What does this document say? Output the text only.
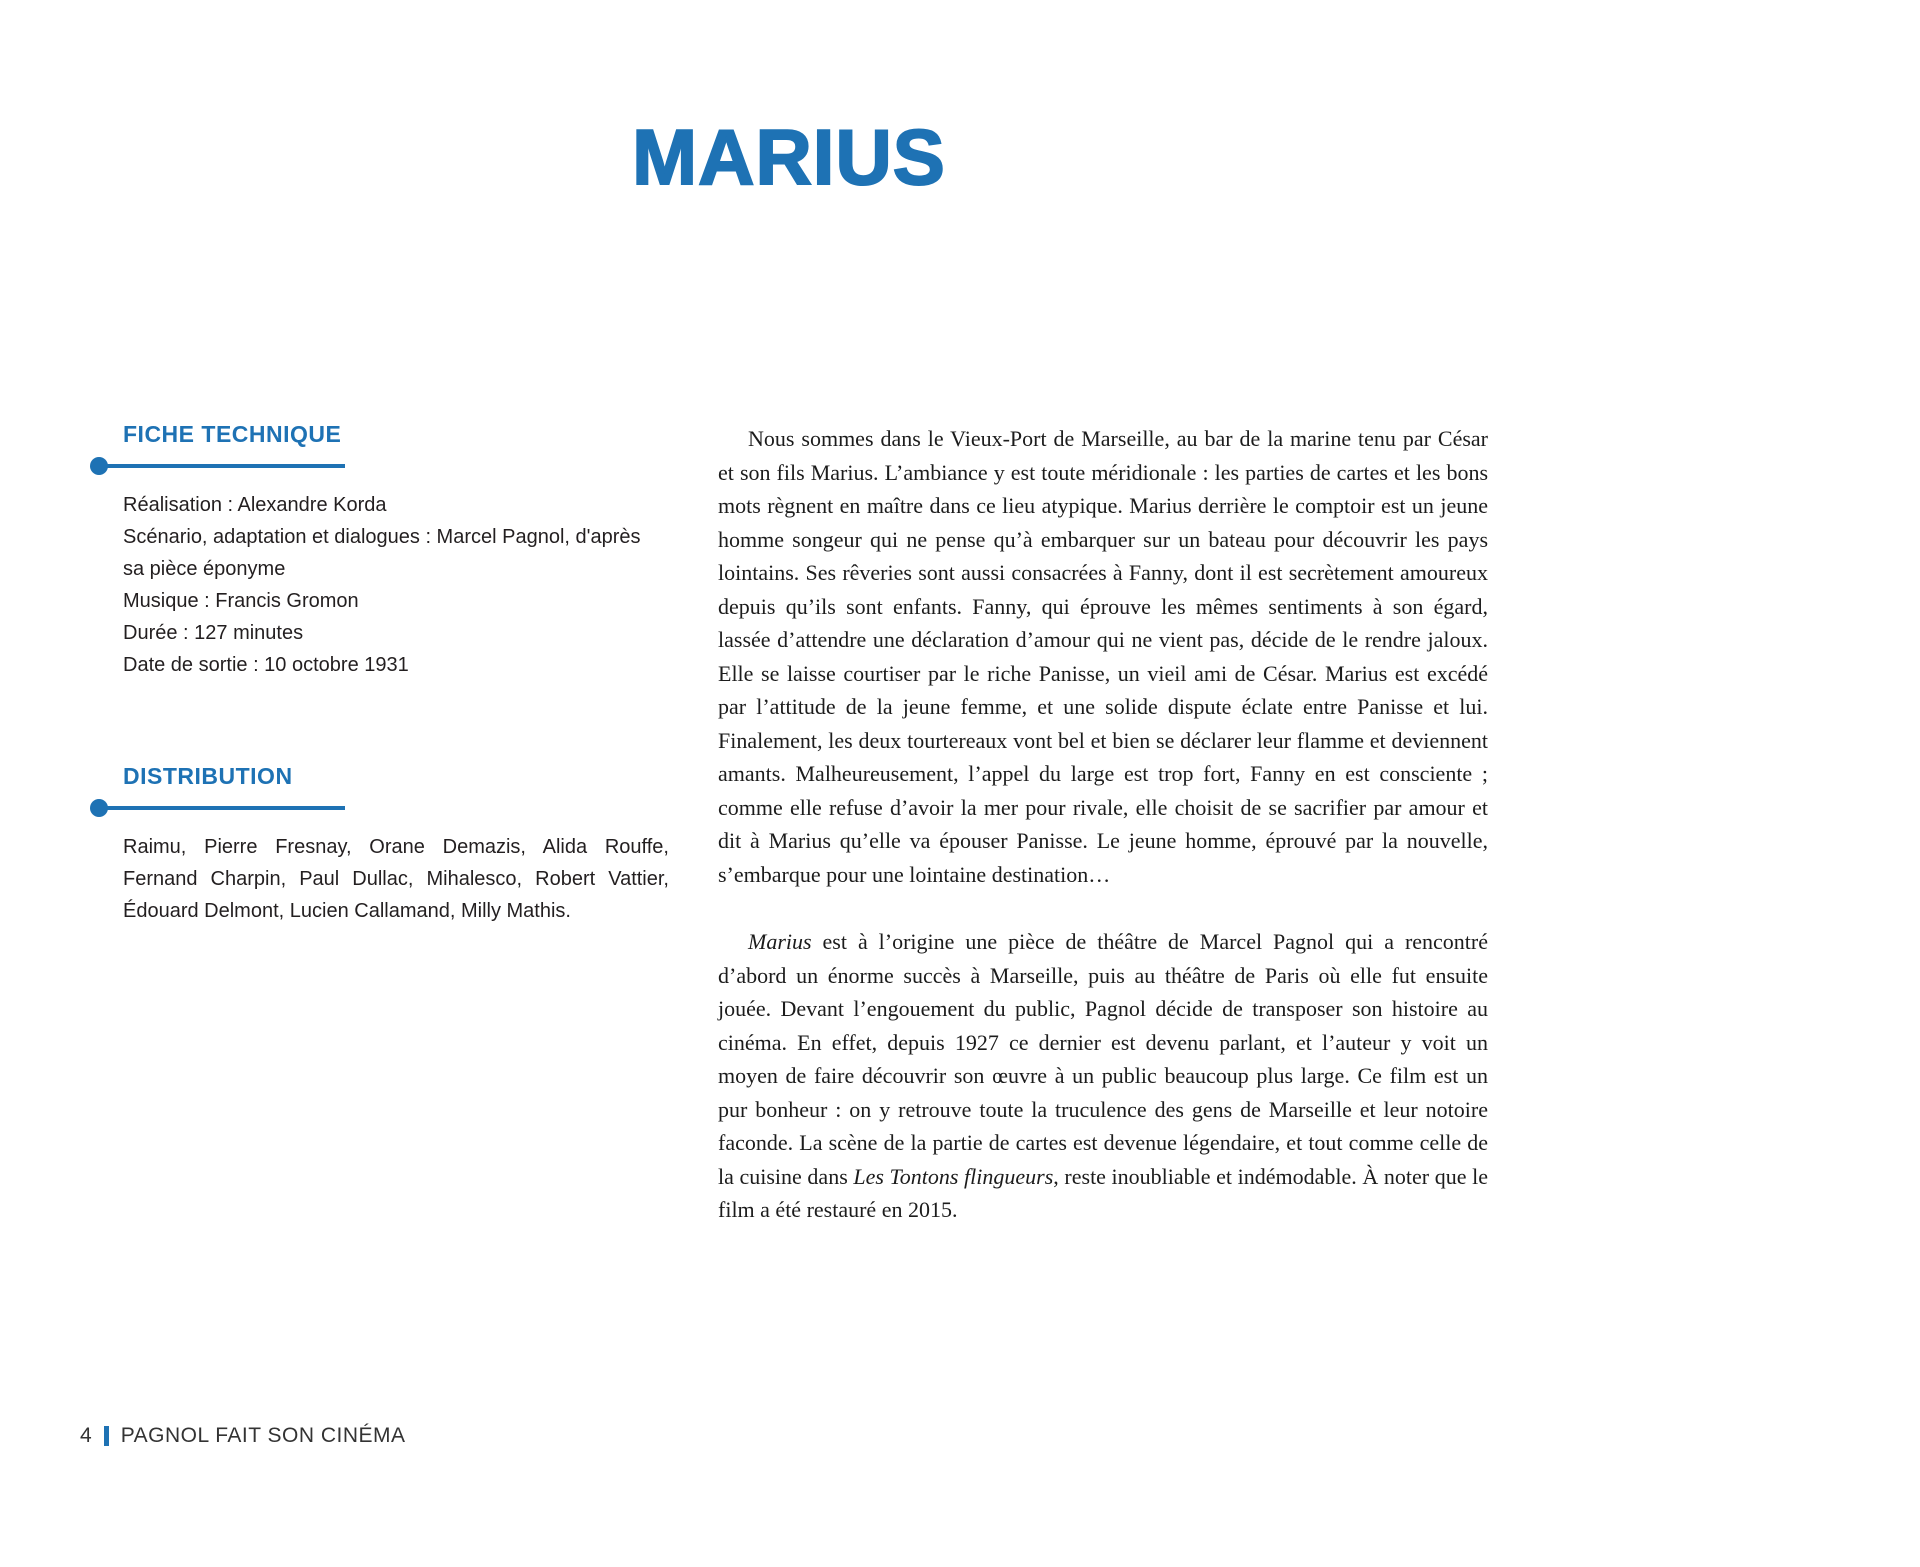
MARIUS
FICHE TECHNIQUE
Réalisation : Alexandre Korda
Scénario, adaptation et dialogues : Marcel Pagnol, d'après
sa pièce éponyme
Musique : Francis Gromon
Durée : 127 minutes
Date de sortie : 10 octobre 1931
DISTRIBUTION
Raimu, Pierre Fresnay, Orane Demazis, Alida Rouffe, Fernand Charpin, Paul Dullac, Mihalesco, Robert Vattier, Édouard Delmont, Lucien Callamand, Milly Mathis.

Nous sommes dans le Vieux-Port de Marseille, au bar de la marine tenu par César et son fils Marius. L’ambiance y est toute méridionale : les parties de cartes et les bons mots règnent en maître dans ce lieu atypique. Marius derrière le comptoir est un jeune homme songeur qui ne pense qu’à embarquer sur un bateau pour découvrir les pays lointains. Ses rêveries sont aussi consacrées à Fanny, dont il est secrètement amoureux depuis qu’ils sont enfants. Fanny, qui éprouve les mêmes sentiments à son égard, lassée d’attendre une déclaration d’amour qui ne vient pas, décide de le rendre jaloux. Elle se laisse courtiser par le riche Panisse, un vieil ami de César. Marius est excédé par l’attitude de la jeune femme, et une solide dispute éclate entre Panisse et lui. Finalement, les deux tourtereaux vont bel et bien se déclarer leur flamme et deviennent amants. Malheureusement, l’appel du large est trop fort, Fanny en est consciente ; comme elle refuse d’avoir la mer pour rivale, elle choisit de se sacrifier par amour et dit à Marius qu’elle va épouser Panisse. Le jeune homme, éprouvé par la nouvelle, s’embarque pour une lointaine destination…

Marius est à l’origine une pièce de théâtre de Marcel Pagnol qui a rencontré d’abord un énorme succès à Marseille, puis au théâtre de Paris où elle fut ensuite jouée. Devant l’engouement du public, Pagnol décide de transposer son histoire au cinéma. En effet, depuis 1927 ce dernier est devenu parlant, et l’auteur y voit un moyen de faire découvrir son œuvre à un public beaucoup plus large. Ce film est un pur bonheur : on y retrouve toute la truculence des gens de Marseille et leur notoire faconde. La scène de la partie de cartes est devenue légendaire, et tout comme celle de la cuisine dans Les Tontons flingueurs, reste inoubliable et indémodable. À noter que le film a été restauré en 2015.

4 PAGNOL FAIT SON CINÉMA
